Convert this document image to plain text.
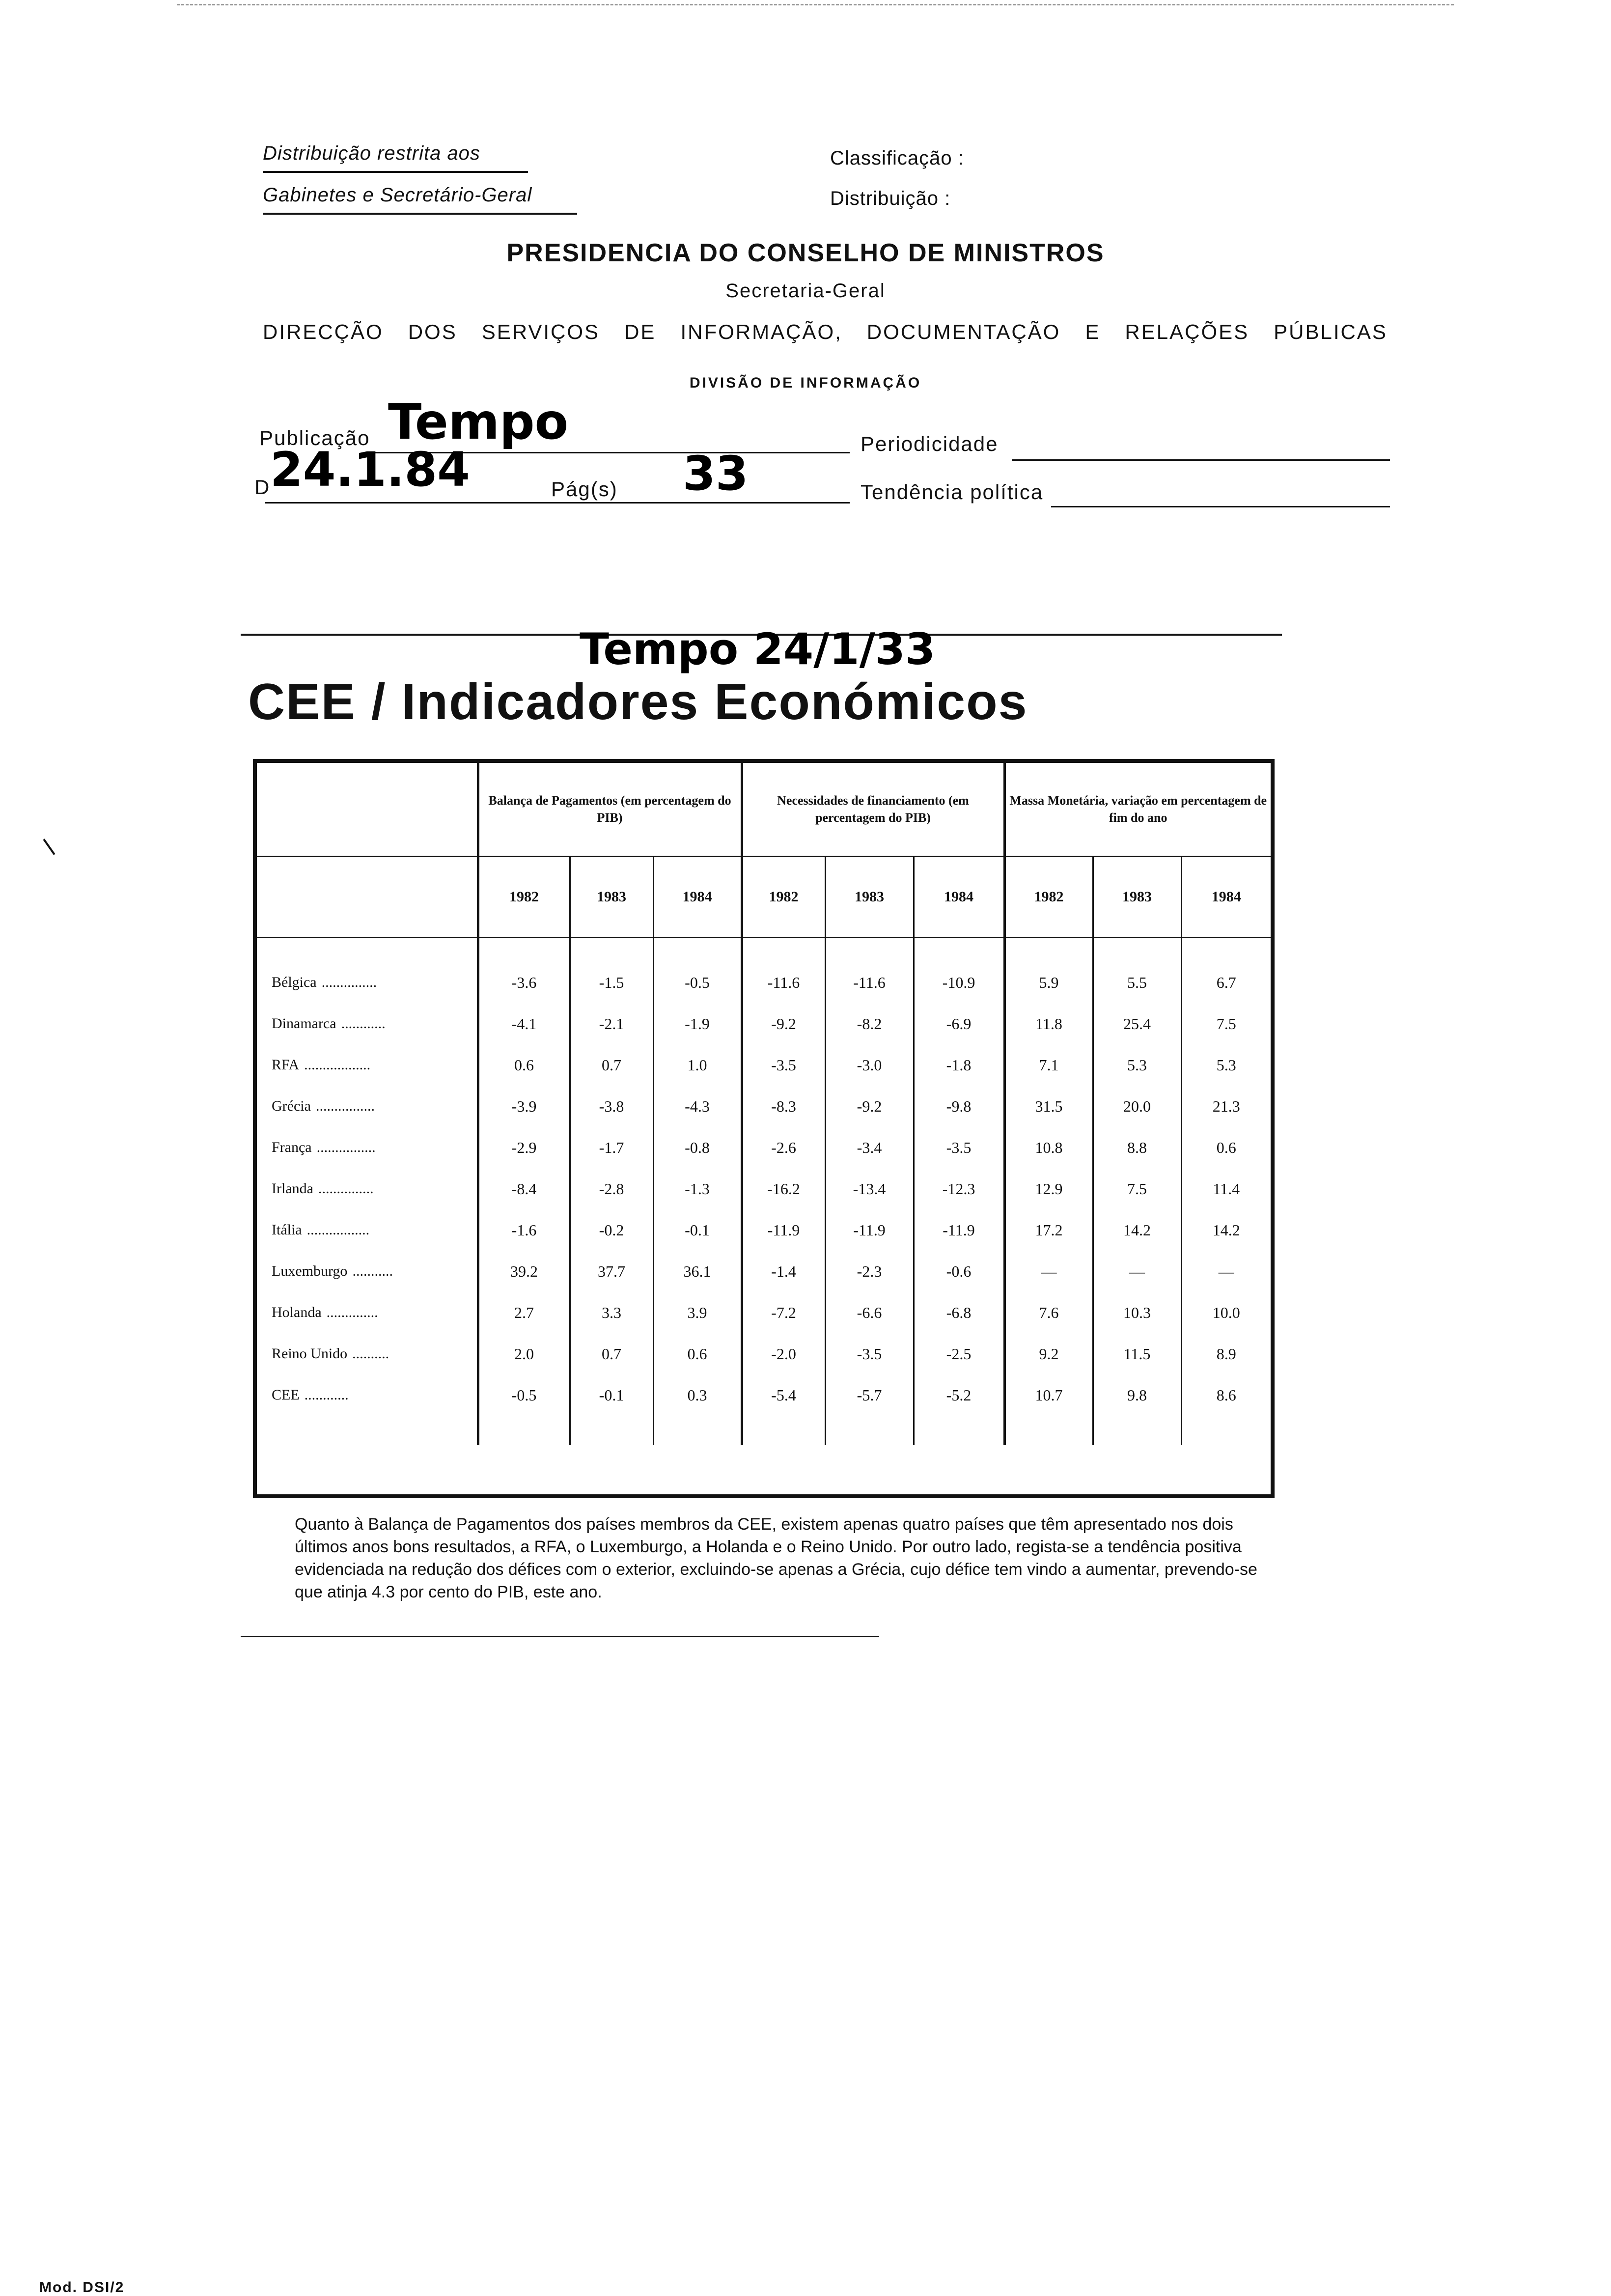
Distribuição restrita aos
Gabinetes e Secretário-Geral
Classificação :
Distribuição :
PRESIDENCIA DO CONSELHO DE MINISTROS
Secretaria-Geral
DIRECÇÃO DOS SERVIÇOS DE INFORMAÇÃO, DOCUMENTAÇÃO E RELAÇÕES PÚBLICAS
DIVISÃO DE INFORMAÇÃO
Publicação Tempo	Periodicidade
D 24.1.84	Pág(s) 33	Tendência política
Tempo 24/1/33
CEE / Indicadores Económicos
	Balança de Pagamentos (em percentagem do PIB)			Necessidades de financiamento (em percentagem do PIB)			Massa Monetária, variação em percentagem de fim do ano		
	1982	1983	1984	1982	1983	1984	1982	1983	1984

Bélgica ...............	-3.6	-1.5	-0.5	-11.6	-11.6	-10.9	5.9	5.5	6.7
Dinamarca ............	-4.1	-2.1	-1.9	-9.2	-8.2	-6.9	11.8	25.4	7.5
RFA ..................	0.6	0.7	1.0	-3.5	-3.0	-1.8	7.1	5.3	5.3
Grécia ................	-3.9	-3.8	-4.3	-8.3	-9.2	-9.8	31.5	20.0	21.3
França ................	-2.9	-1.7	-0.8	-2.6	-3.4	-3.5	10.8	8.8	0.6
Irlanda ...............	-8.4	-2.8	-1.3	-16.2	-13.4	-12.3	12.9	7.5	11.4
Itália .................	-1.6	-0.2	-0.1	-11.9	-11.9	-11.9	17.2	14.2	14.2
Luxemburgo ...........	39.2	37.7	36.1	-1.4	-2.3	-0.6	—	—	—
Holanda ..............	2.7	3.3	3.9	-7.2	-6.6	-6.8	7.6	10.3	10.0
Reino Unido ..........	2.0	0.7	0.6	-2.0	-3.5	-2.5	9.2	11.5	8.9
CEE ............	-0.5	-0.1	0.3	-5.4	-5.7	-5.2	10.7	9.8	8.6

Quanto à Balança de Pagamentos dos países membros da CEE, existem apenas quatro países que têm apresentado nos dois últimos anos bons resultados, a RFA, o Luxemburgo, a Holanda e o Reino Unido. Por outro lado, regista-se a tendência positiva evidenciada na redução dos défices com o exterior, excluindo-se apenas a Grécia, cujo défice tem vindo a aumentar, prevendo-se que atinja 4.3 por cento do PIB, este ano.
Mod. DSI/2
